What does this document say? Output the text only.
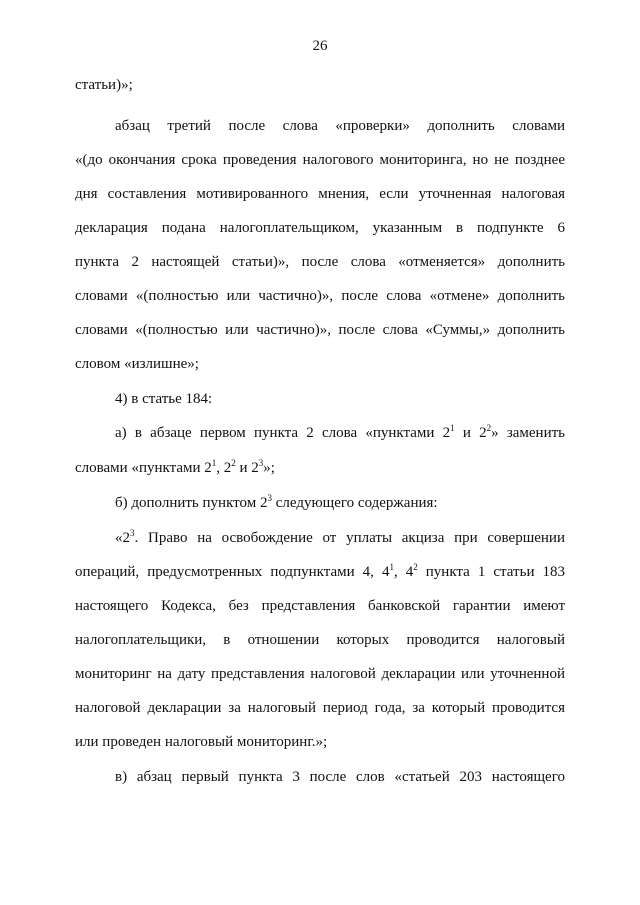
26
статьи)»;
абзац третий после слова «проверки» дополнить словами
«(до окончания срока проведения налогового мониторинга, но не позднее
дня составления мотивированного мнения, если уточненная налоговая
декларация подана налогоплательщиком, указанным в подпункте 6
пункта 2 настоящей статьи)», после слова «отменяется» дополнить
словами «(полностью или частично)», после слова «отмене» дополнить
словами «(полностью или частично)», после слова «Суммы,» дополнить
словом «излишне»;
4) в статье 184:
а) в абзаце первом пункта 2 слова «пунктами $2^1$ и $2^2$» заменить
словами «пунктами $2^1$, $2^2$ и $2^3$»;
б) дополнить пунктом $2^3$ следующего содержания:
«$2^3$. Право на освобождение от уплаты акциза при совершении
операций, предусмотренных подпунктами 4, $4^1$, $4^2$ пункта 1 статьи 183
настоящего Кодекса, без представления банковской гарантии имеют
налогоплательщики, в отношении которых проводится налоговый
мониторинг на дату представления налоговой декларации или уточненной
налоговой декларации за налоговый период года, за который проводится
или проведен налоговый мониторинг.»;
в) абзац первый пункта 3 после слов «статьей 203 настоящего
